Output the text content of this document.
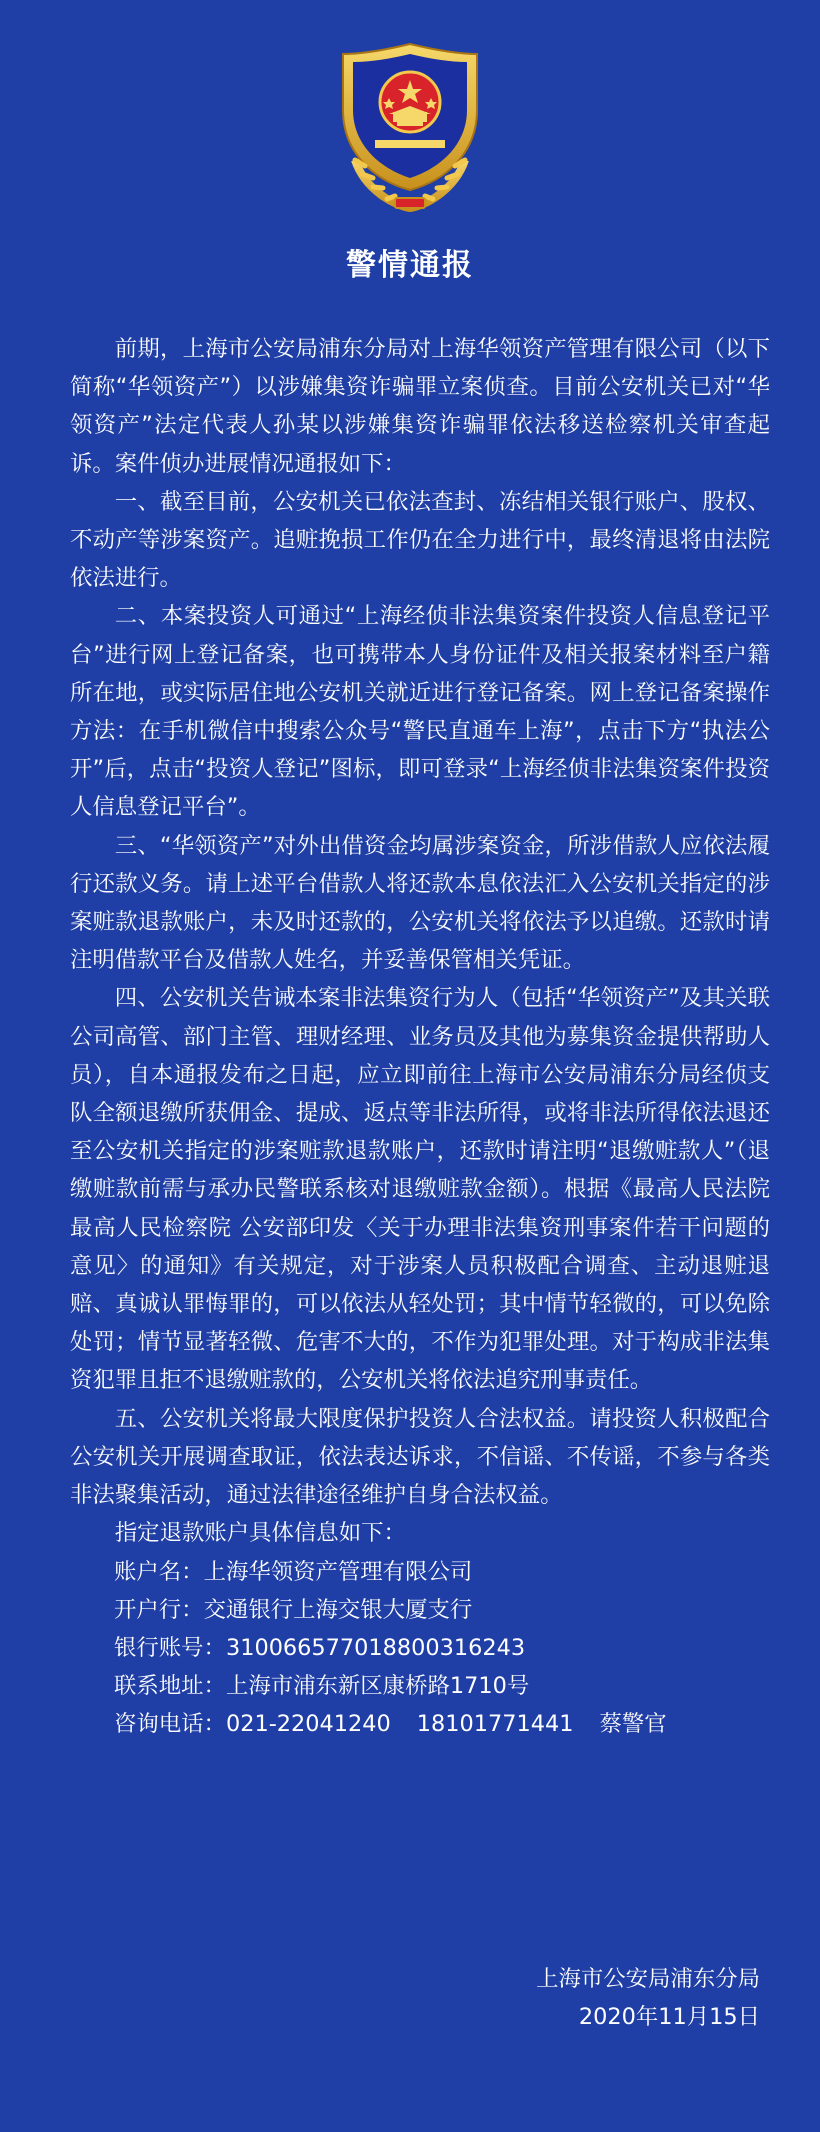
警情通报

前期，上海市公安局浦东分局对上海华领资产管理有限公司（以下简称“华领资产”）以涉嫌集资诈骗罪立案侦查。目前公安机关已对“华领资产”法定代表人孙某以涉嫌集资诈骗罪依法移送检察机关审查起诉。案件侦办进展情况通报如下：

一、截至目前，公安机关已依法查封、冻结相关银行账户、股权、不动产等涉案资产。追赃挽损工作仍在全力进行中，最终清退将由法院依法进行。

二、本案投资人可通过“上海经侦非法集资案件投资人信息登记平台”进行网上登记备案，也可携带本人身份证件及相关报案材料至户籍所在地，或实际居住地公安机关就近进行登记备案。网上登记备案操作方法：在手机微信中搜索公众号“警民直通车上海”，点击下方“执法公开”后，点击“投资人登记”图标，即可登录“上海经侦非法集资案件投资人信息登记平台”。

三、“华领资产”对外出借资金均属涉案资金，所涉借款人应依法履行还款义务。请上述平台借款人将还款本息依法汇入公安机关指定的涉案赃款退款账户，未及时还款的，公安机关将依法予以追缴。还款时请注明借款平台及借款人姓名，并妥善保管相关凭证。

四、公安机关告诫本案非法集资行为人（包括“华领资产”及其关联公司高管、部门主管、理财经理、业务员及其他为募集资金提供帮助人员），自本通报发布之日起，应立即前往上海市公安局浦东分局经侦支队全额退缴所获佣金、提成、返点等非法所得，或将非法所得依法退还至公安机关指定的涉案赃款退款账户，还款时请注明“退缴赃款人”（退缴赃款前需与承办民警联系核对退缴赃款金额）。根据《最高人民法院 最高人民检察院 公安部印发〈关于办理非法集资刑事案件若干问题的意见〉的通知》有关规定，对于涉案人员积极配合调查、主动退赃退赔、真诚认罪悔罪的，可以依法从轻处罚；其中情节轻微的，可以免除处罚；情节显著轻微、危害不大的，不作为犯罪处理。对于构成非法集资犯罪且拒不退缴赃款的，公安机关将依法追究刑事责任。

五、公安机关将最大限度保护投资人合法权益。请投资人积极配合公安机关开展调查取证，依法表达诉求，不信谣、不传谣，不参与各类非法聚集活动，通过法律途径维护自身合法权益。

指定退款账户具体信息如下：

账户名：上海华领资产管理有限公司
开户行：交通银行上海交银大厦支行
银行账号：310066577018800316243
联系地址：上海市浦东新区康桥路1710号
咨询电话：021-22041240 18101771441 蔡警官
上海市公安局浦东分局
2020年11月15日
